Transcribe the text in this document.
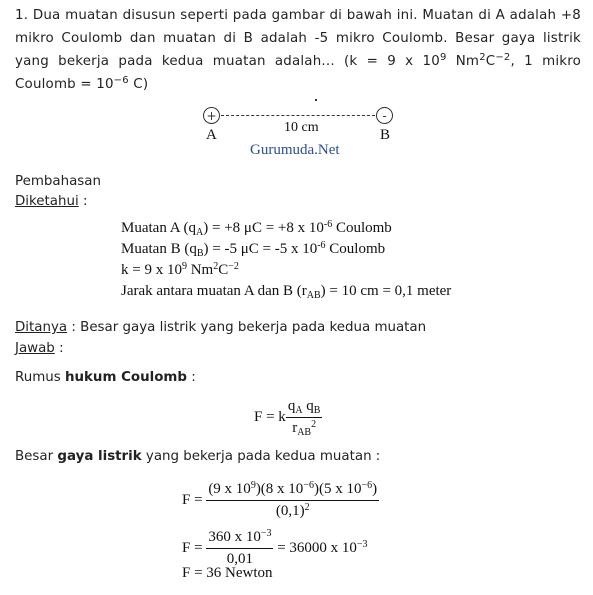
1. Dua muatan disusun seperti pada gambar di bawah ini. Muatan di A adalah +8 mikro Coulomb dan muatan di B adalah -5 mikro Coulomb. Besar gaya listrik yang bekerja pada kedua muatan adalah... (k = 9 x $10^9$ $Nm^2C^{-2}$, 1 mikro Coulomb = $10^{-6}$ C)
+	-
A	10 cm	B
Gurumuda.Net
Pembahasan
Diketahui :
Muatan A $(q_A) = +8$ μC = +8 x $10^{-6}$ Coulomb
Muatan B $(q_B) = -5$ μC = -5 x $10^{-6}$ Coulomb
k = 9 x $10^9$ $Nm^2C^{-2}$
Jarak antara muatan A dan B $(r_{AB}) = 10$ cm = 0,1 meter
Ditanya : Besar gaya listrik yang bekerja pada kedua muatan
Jawab :
Rumus hukum Coulomb :
F = k $\frac{q_A q_B}{r_{AB}^2}$
Besar gaya listrik yang bekerja pada kedua muatan :
$F = \frac{(9 x 10^9)(8 x 10^{-6})(5 x 10^{-6})}{(0,1)^2}$
$F = \frac{360 x 10^{-3}}{0,01} = 36000$ x $10^{-3}$
F = 36 Newton
